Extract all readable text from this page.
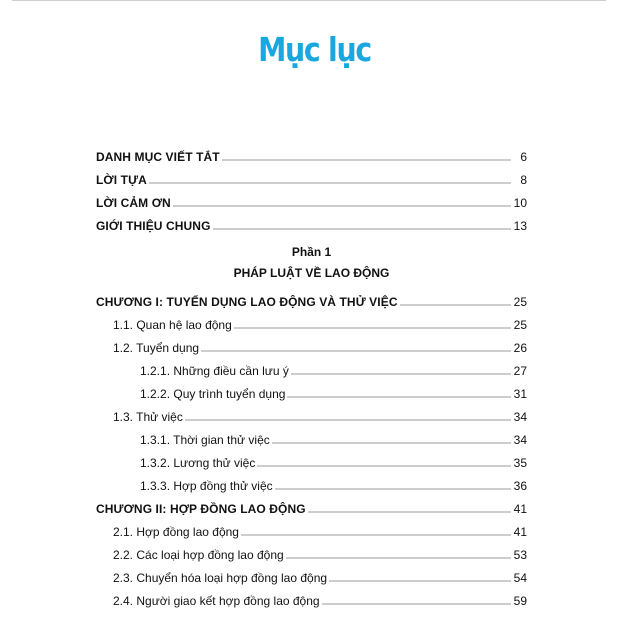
Mục lục
DANH MỤC VIẾT TẮT	6
LỜI TỰA	8
LỜI CẢM ƠN	10
GIỚI THIỆU CHUNG	13
Phần 1
PHÁP LUẬT VỀ LAO ĐỘNG
CHƯƠNG I: TUYỂN DỤNG LAO ĐỘNG VÀ THỬ VIỆC	25
1.1. Quan hệ lao động	25
1.2. Tuyển dụng	26
1.2.1. Những điều cần lưu ý	27
1.2.2. Quy trình tuyển dụng	31
1.3. Thử việc	34
1.3.1. Thời gian thử việc	34
1.3.2. Lương thử việc	35
1.3.3. Hợp đồng thử việc	36
CHƯƠNG II: HỢP ĐỒNG LAO ĐỘNG	41
2.1. Hợp đồng lao động	41
2.2. Các loại hợp đồng lao động	53
2.3. Chuyển hóa loại hợp đồng lao động	54
2.4. Người giao kết hợp đồng lao động	59
